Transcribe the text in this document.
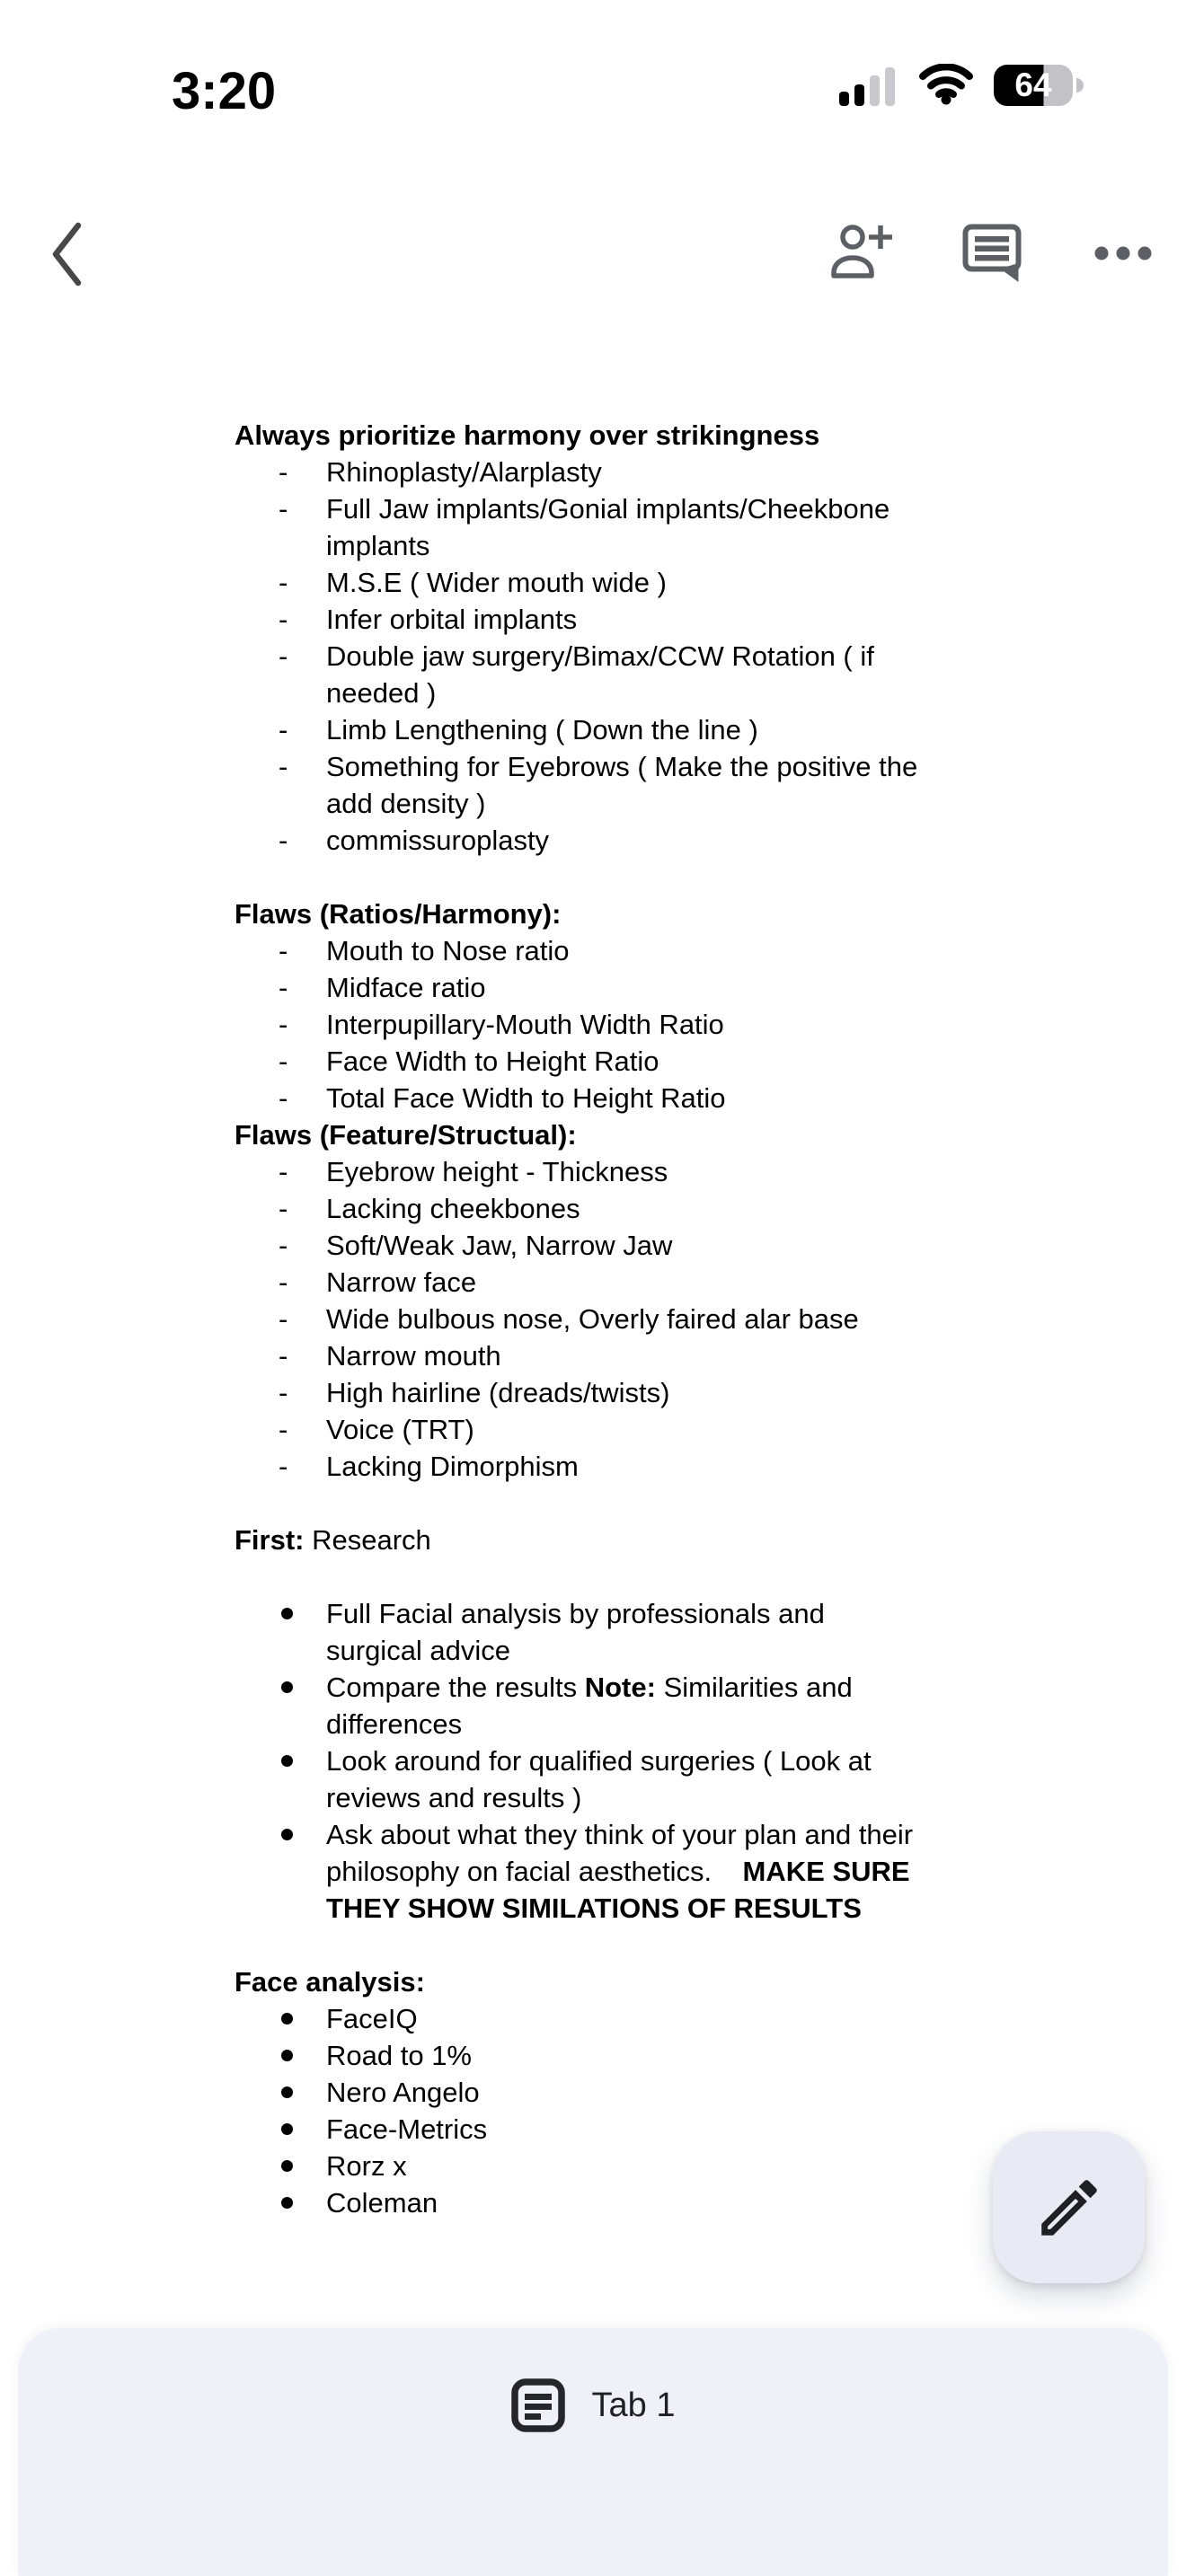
3:20	64
Always prioritize harmony over strikingness
- Rhinoplasty/Alarplasty
- Full Jaw implants/Gonial implants/Cheekbone implants
- M.S.E ( Wider mouth wide )
- Infer orbital implants
- Double jaw surgery/Bimax/CCW Rotation ( if needed )
- Limb Lengthening ( Down the line )
- Something for Eyebrows ( Make the positive the add density )
- commissuroplasty
Flaws (Ratios/Harmony):
- Mouth to Nose ratio
- Midface ratio
- Interpupillary-Mouth Width Ratio
- Face Width to Height Ratio
- Total Face Width to Height Ratio
Flaws (Feature/Structual):
- Eyebrow height - Thickness
- Lacking cheekbones
- Soft/Weak Jaw, Narrow Jaw
- Narrow face
- Wide bulbous nose, Overly faired alar base
- Narrow mouth
- High hairline (dreads/twists)
- Voice (TRT)
- Lacking Dimorphism
First: Research
Full Facial analysis by professionals and surgical advice
Compare the results Note: Similarities and differences
Look around for qualified surgeries ( Look at reviews and results )
Ask about what they think of your plan and their philosophy on facial aesthetics.    MAKE SURE THEY SHOW SIMILATIONS OF RESULTS
Face analysis:
FaceIQ
Road to 1%
Nero Angelo
Face-Metrics
Rorz x
Coleman
Tab 1
